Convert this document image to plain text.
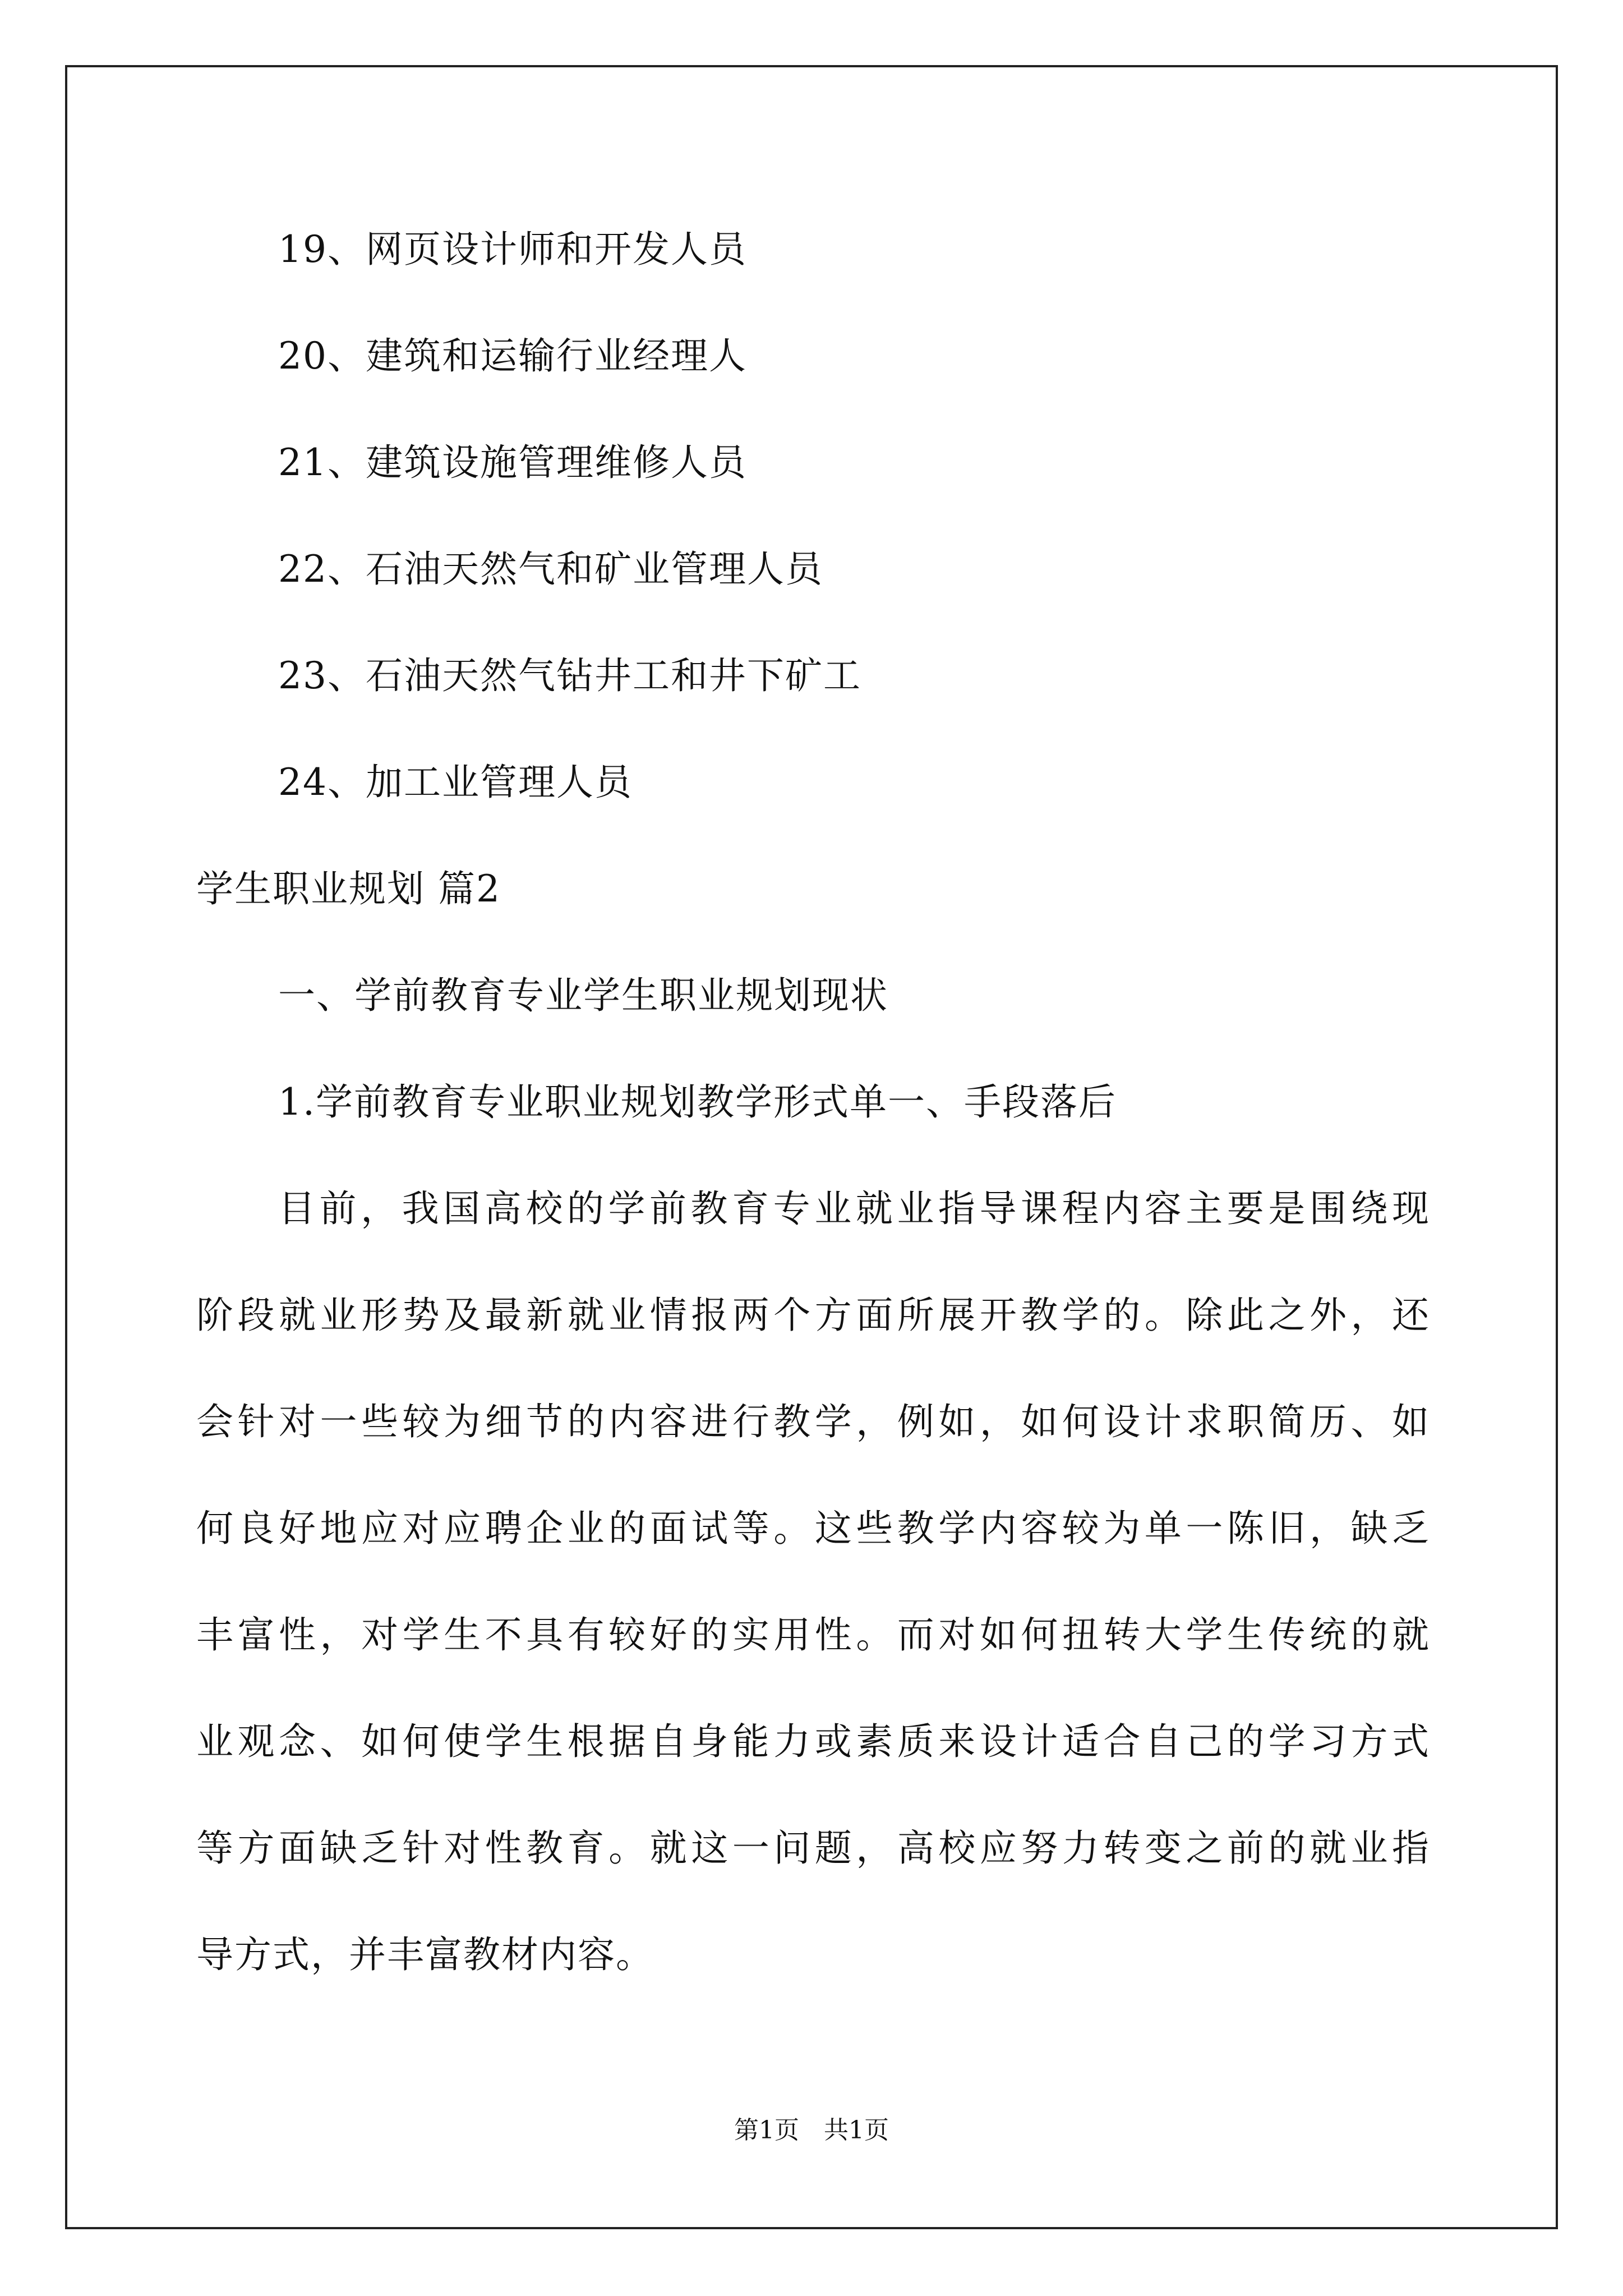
19、网页设计师和开发人员
20、建筑和运输行业经理人
21、建筑设施管理维修人员
22、石油天然气和矿业管理人员
23、石油天然气钻井工和井下矿工
24、加工业管理人员
学生职业规划 篇2
一、学前教育专业学生职业规划现状
1.学前教育专业职业规划教学形式单一、手段落后
目前，我国高校的学前教育专业就业指导课程内容主要是围绕现
阶段就业形势及最新就业情报两个方面所展开教学的。除此之外，还
会针对一些较为细节的内容进行教学，例如，如何设计求职简历、如
何良好地应对应聘企业的面试等。这些教学内容较为单一陈旧，缺乏
丰富性，对学生不具有较好的实用性。而对如何扭转大学生传统的就
业观念、如何使学生根据自身能力或素质来设计适合自己的学习方式
等方面缺乏针对性教育。就这一问题，高校应努力转变之前的就业指
导方式，并丰富教材内容。
第1页　共1页
